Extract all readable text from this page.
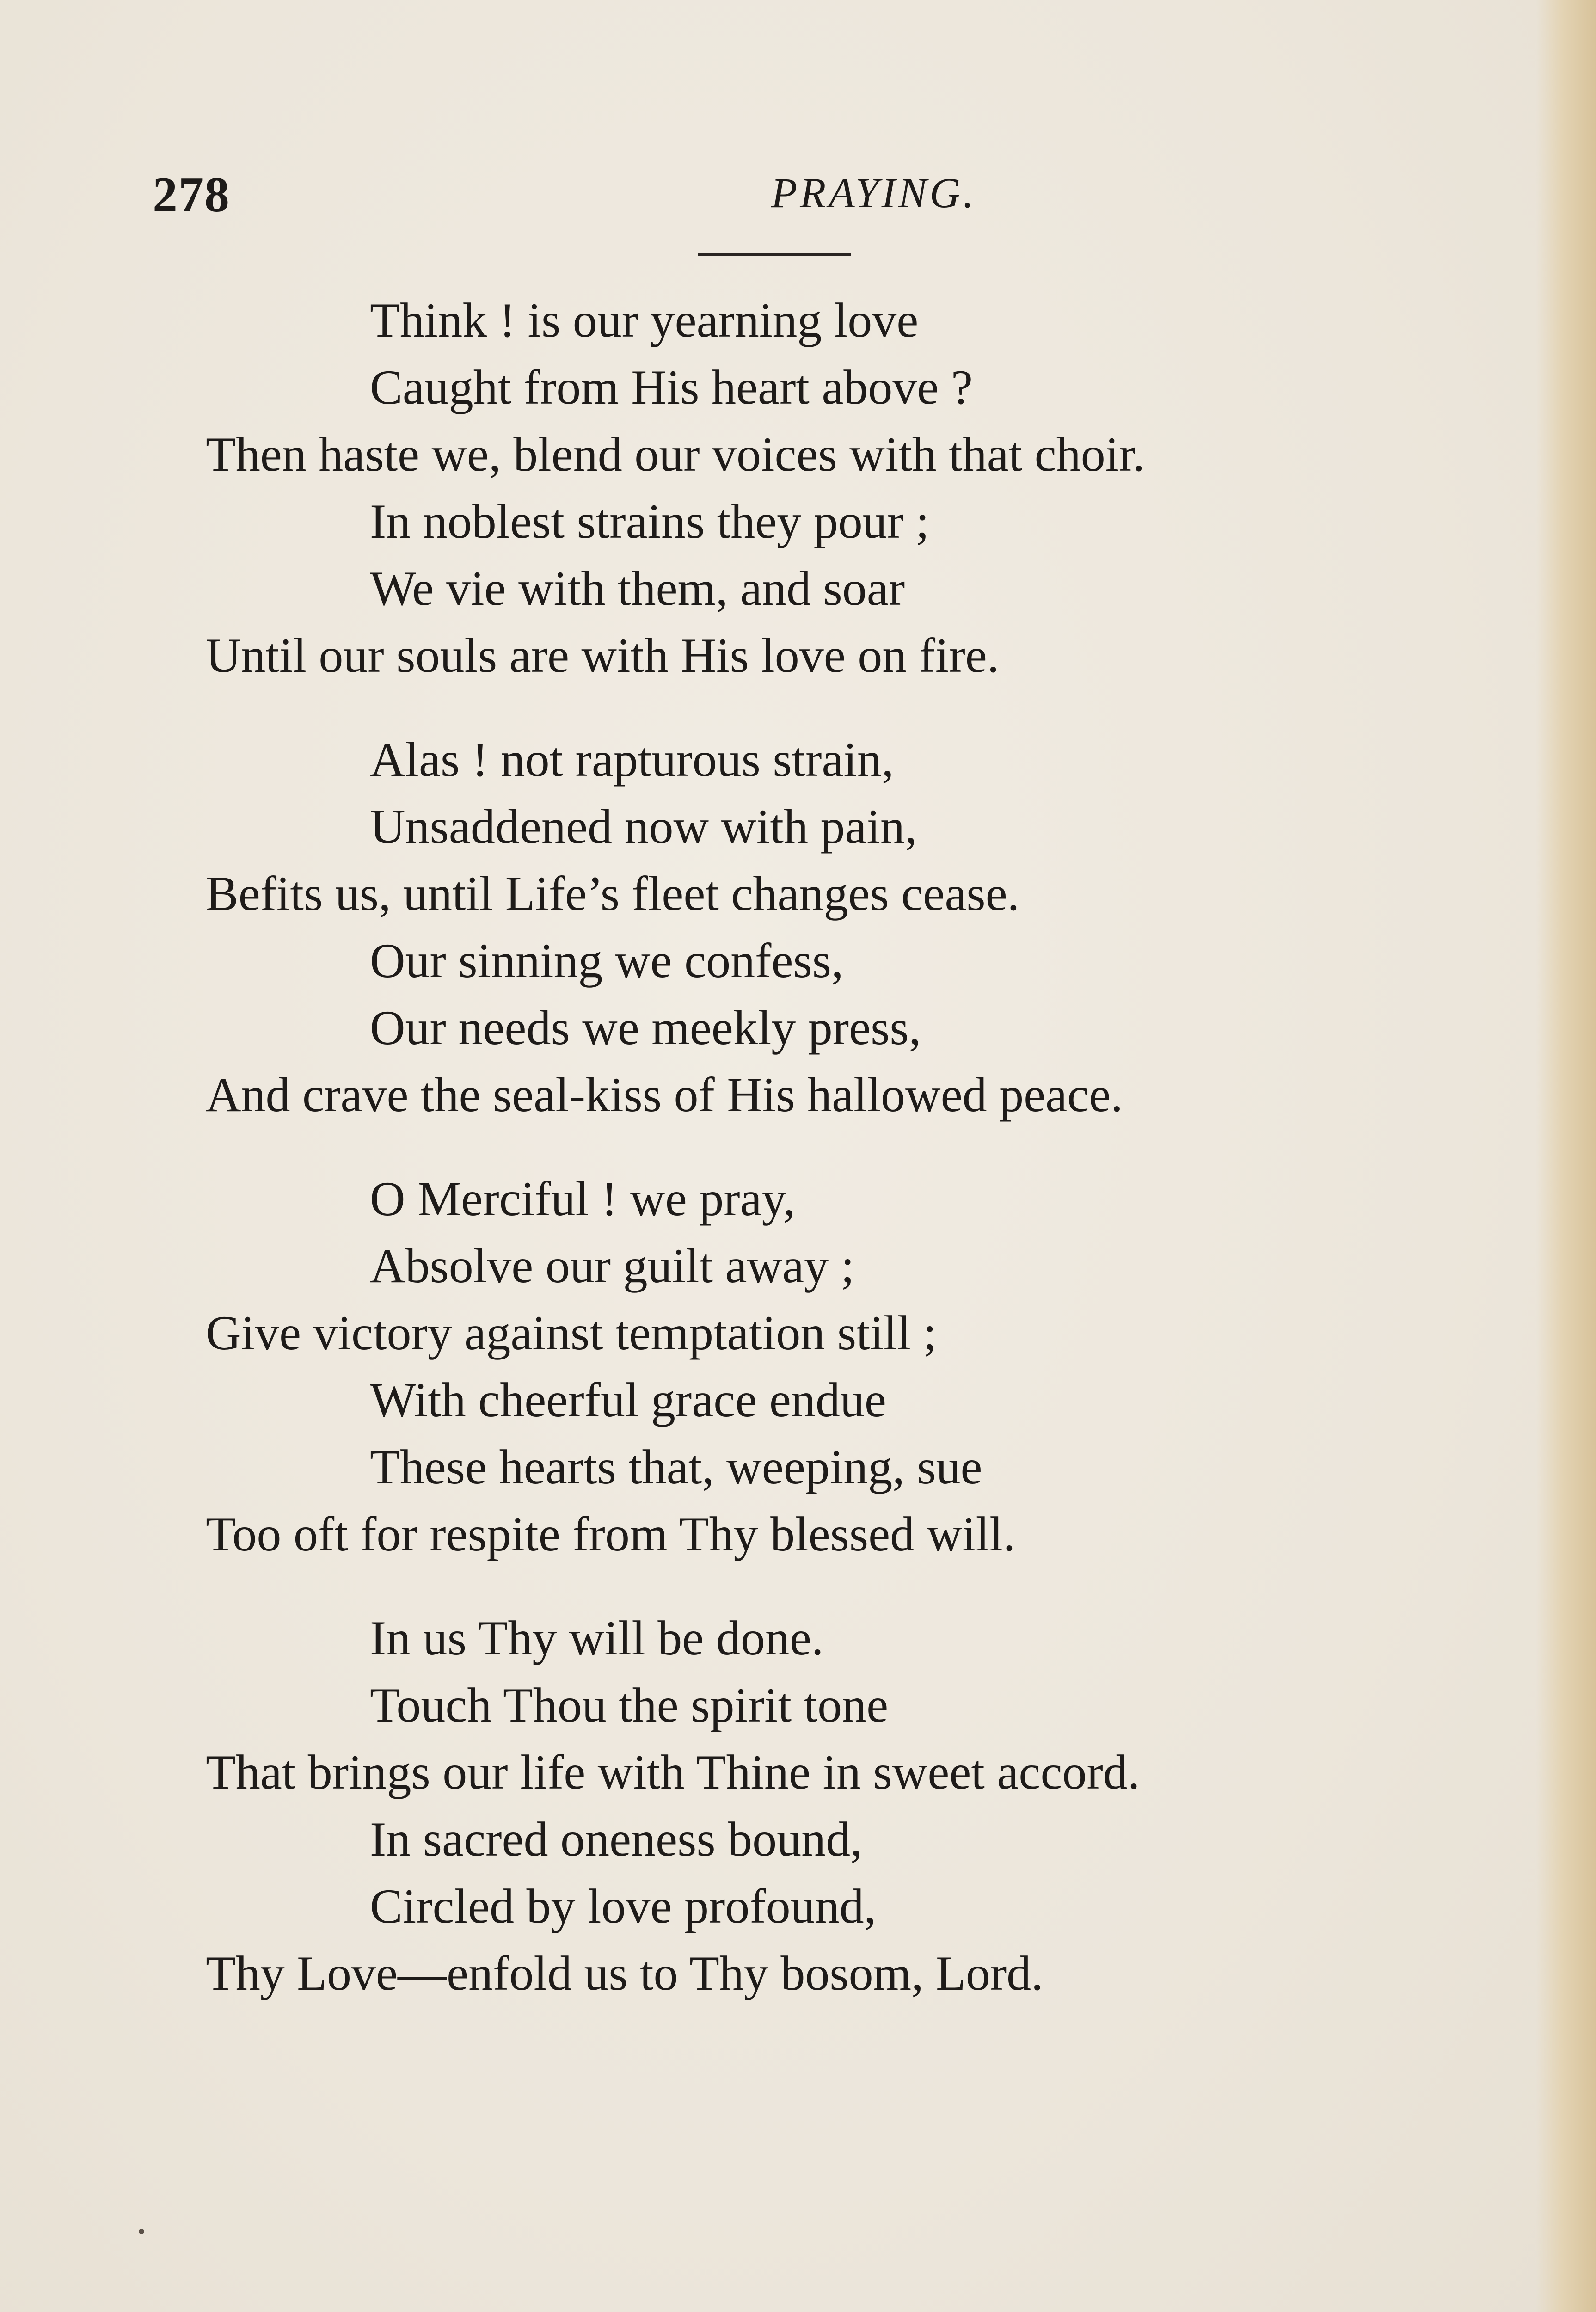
278	PRAYING.
Think ! is our yearning love
Caught from His heart above ?
Then haste we, blend our voices with that choir.
In noblest strains they pour ;
We vie with them, and soar
Until our souls are with His love on fire.
Alas ! not rapturous strain,
Unsaddened now with pain,
Befits us, until Life’s fleet changes cease.
Our sinning we confess,
Our needs we meekly press,
And crave the seal-kiss of His hallowed peace.
O Merciful ! we pray,
Absolve our guilt away ;
Give victory against temptation still ;
With cheerful grace endue
These hearts that, weeping, sue
Too oft for respite from Thy blessed will.
In us Thy will be done.
Touch Thou the spirit tone
That brings our life with Thine in sweet accord.
In sacred oneness bound,
Circled by love profound,
Thy Love—enfold us to Thy bosom, Lord.
